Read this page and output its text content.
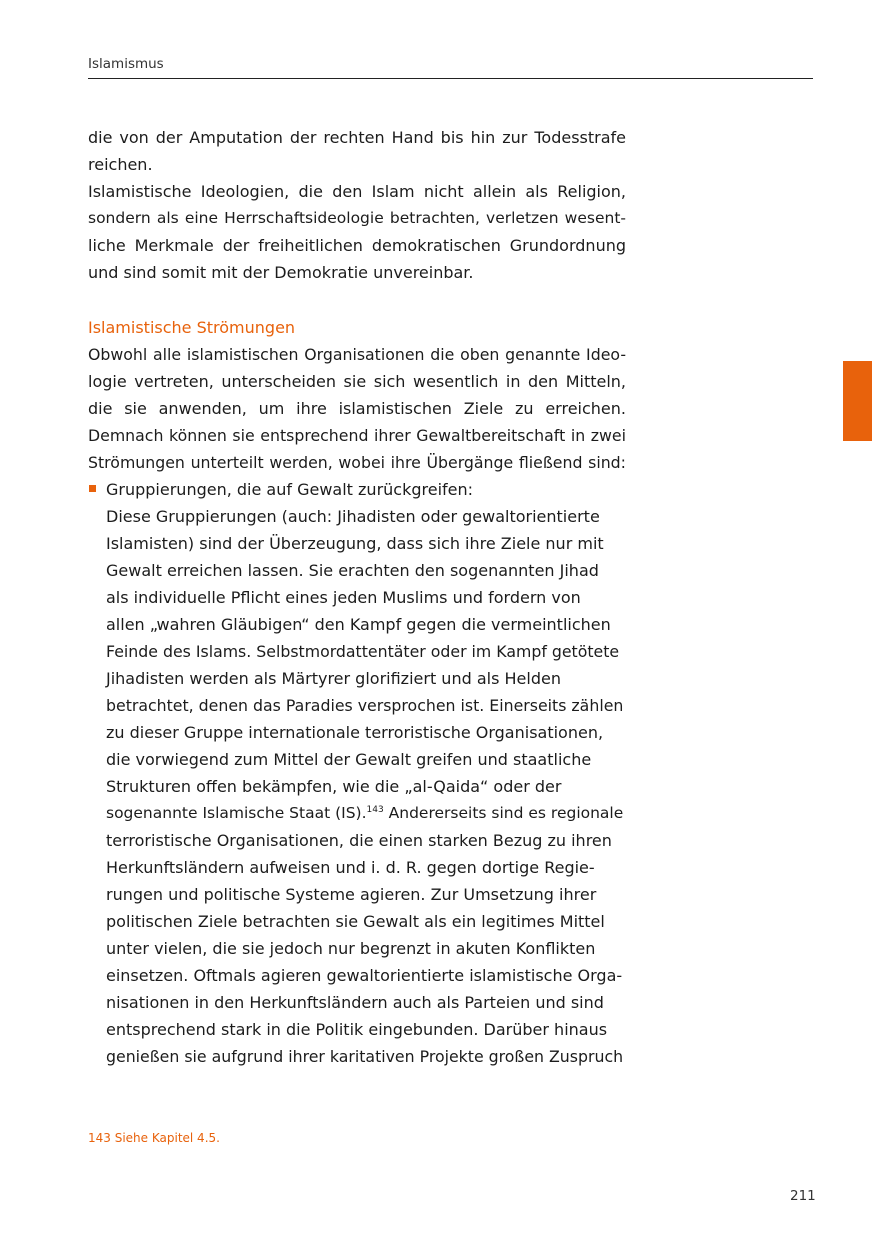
Islamismus
die von der Amputation der rechten Hand bis hin zur Todesstrafe
reichen.
Islamistische Ideologien, die den Islam nicht allein als Religion,
sondern als eine Herrschaftsideologie betrachten, verletzen wesent-
liche Merkmale der freiheitlichen demokratischen Grundordnung
und sind somit mit der Demokratie unvereinbar.
Islamistische Strömungen
Obwohl alle islamistischen Organisationen die oben genannte Ideo-
logie vertreten, unterscheiden sie sich wesentlich in den Mitteln,
die sie anwenden, um ihre islamistischen Ziele zu erreichen.
Demnach können sie entsprechend ihrer Gewaltbereitschaft in zwei
Strömungen unterteilt werden, wobei ihre Übergänge fließend sind:
Gruppierungen, die auf Gewalt zurückgreifen:
Diese Gruppierungen (auch: Jihadisten oder gewaltorientierte
Islamisten) sind der Überzeugung, dass sich ihre Ziele nur mit
Gewalt erreichen lassen. Sie erachten den sogenannten Jihad
als individuelle Pflicht eines jeden Muslims und fordern von
allen „wahren Gläubigen“ den Kampf gegen die vermeintlichen
Feinde des Islams. Selbstmordattentäter oder im Kampf getötete
Jihadisten werden als Märtyrer glorifiziert und als Helden
betrachtet, denen das Paradies versprochen ist. Einerseits zählen
zu dieser Gruppe internationale terroristische Organisationen,
die vorwiegend zum Mittel der Gewalt greifen und staatliche
Strukturen offen bekämpfen, wie die „al-Qaida“ oder der
sogenannte Islamische Staat (IS).$^{143}$ Andererseits sind es regionale
terroristische Organisationen, die einen starken Bezug zu ihren
Herkunftsländern aufweisen und i. d. R. gegen dortige Regie-
rungen und politische Systeme agieren. Zur Umsetzung ihrer
politischen Ziele betrachten sie Gewalt als ein legitimes Mittel
unter vielen, die sie jedoch nur begrenzt in akuten Konflikten
einsetzen. Oftmals agieren gewaltorientierte islamistische Orga-
nisationen in den Herkunftsländern auch als Parteien und sind
entsprechend stark in die Politik eingebunden. Darüber hinaus
genießen sie aufgrund ihrer karitativen Projekte großen Zuspruch
143 Siehe Kapitel 4.5.
211
